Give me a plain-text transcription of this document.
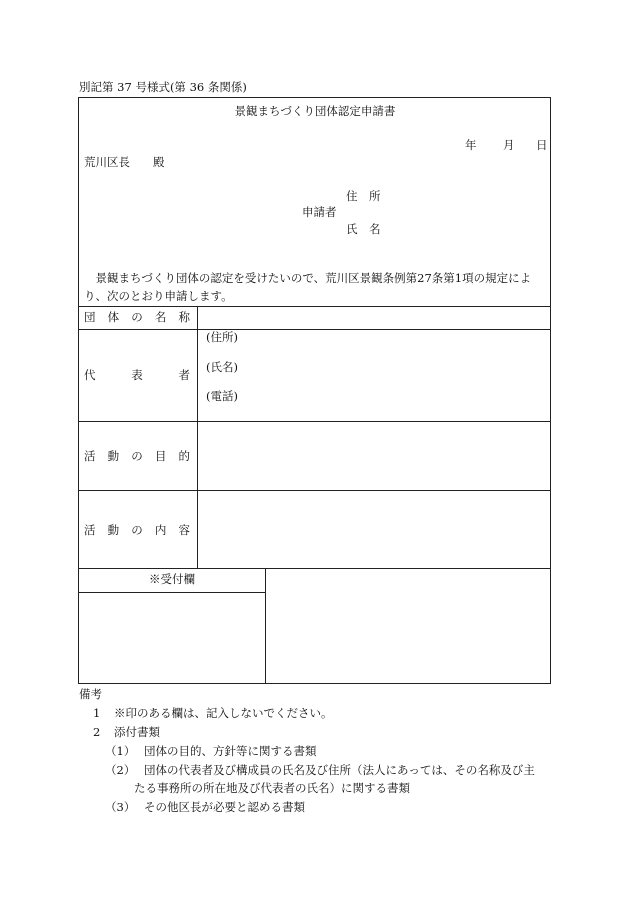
別記第 37 号様式(第 36 条関係)
景観まちづくり団体認定申請書
年 月 日
荒川区長　　殿
住　所
申請者
氏　名
　景観まちづくり団体の認定を受けたいので、荒川区景観条例第27条第1項の規定によ
り、次のとおり申請します。
団 体 の 名 称
代	表	者
(住所)
(氏名)
(電話)
活 動 の 目 的
活 動 の 内 容
※受付欄
備考
1 ※印のある欄は、記入しないでください。
2 添付書類
（1） 団体の目的、方針等に関する書類
（2） 団体の代表者及び構成員の氏名及び住所（法人にあっては、その名称及び主
たる事務所の所在地及び代表者の氏名）に関する書類
（3） その他区長が必要と認める書類
